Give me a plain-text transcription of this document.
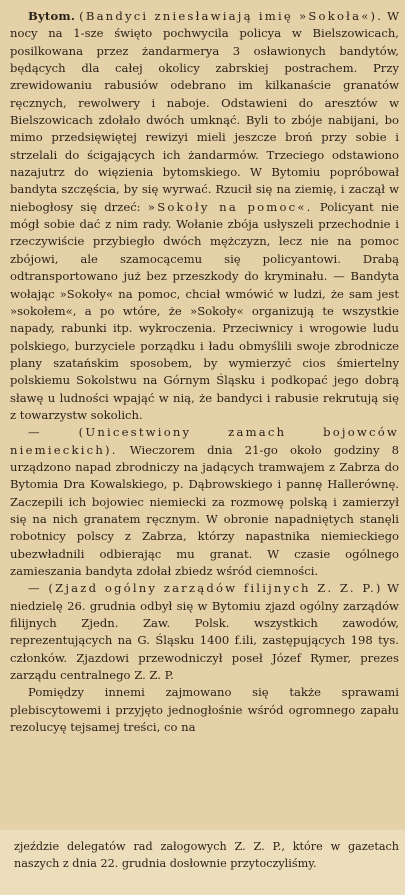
Bytom. (Bandyci zniesławiają imię »Sokoła«). W nocy na 1-sze święto pochwycila policya w Bielszowicach, posilkowana przez żandarmerya 3 osławionych bandytów, będących dla całej okolicy zabrskiej postrachem. Przy zrewidowaniu rabusiów odebrano im kilkanaście granatów ręcznych, rewolwery i naboje. Odstawieni do aresztów w Bielszowicach zdołało dwóch umknąć. Byli to zbóje nabijani, bo mimo przedsięwiętej rewizyi mieli jeszcze broń przy sobie i strzelali do ścigających ich żandarmów. Trzeciego odstawiono nazajutrz do więzienia bytomskiego. W Bytomiu popróbował bandyta szczęścia, by się wyrwać. Rzucił się na ziemię, i zaczął w niebogłosy się drzeć: »Sokoły na pomoc«. Policyant nie mógł sobie dać z nim rady. Wołanie zbója usłyszeli przechodnie i rzeczywiście przybiegło dwóch mężczyzn, lecz nie na pomoc zbójowi, ale szamocącemu się policyantowi. Drabą odtransportowano już bez przeszkody do kryminału. — Bandyta wołając »Sokoły« na pomoc, chciał wmówić w ludzi, że sam jest »sokołem«, a po wtóre, że »Sokoły« organizują te wszystkie napady, rabunki itp. wykroczenia. Przeciwnicy i wrogowie ludu polskiego, burzyciele porządku i ładu obmyślili swoje zbrodnicze plany szatańskim sposobem, by wymierzyć cios śmiertelny polskiemu Sokolstwu na Górnym Śląsku i podkopać jego dobrą sławę u ludności wpająć w nią, że bandyci i rabusie rekrutują się z towarzystw sokolich.

— (Unicestwiony zamach bojowców niemieckich). Wieczorem dnia 21-go około godziny 8 urządzono napad zbrodniczy na jadących tramwajem z Zabrza do Bytomia Dra Kowalskiego, p. Dąbrowskiego i pannę Hallerównę. Zaczepili ich bojowiec niemiecki za rozmowę polską i zamierzył się na nich granatem ręcznym. W obronie napadniętych stanęli robotnicy polscy z Zabrza, którzy napastnika niemieckiego ubezwładnili odbierając mu granat. W czasie ogólnego zamieszania bandyta zdołał zbiedz wśród ciemności.

— (Zjazd ogólny zarządów filijnych Z. Z. P.) W niedzielę 26. grudnia odbył się w Bytomiu zjazd ogólny zarządów filijnych Zjedn. Zaw. Polsk. wszystkich zawodów, reprezentujących na G. Śląsku 1400 f.ili, zastępujących 198 tys. członków. Zjazdowi przewodniczył poseł Józef Rymer, prezes zarządu centralnego Z. Z. P.

Pomiędzy innemi zajmowano się także sprawami plebiscytowemi i przyjęto jednogłośnie wśród ogromnego zapału rezolucyę tejsamej treści, co na

zjeździe delegatów rad załogowych Z. Z. P., które w gazetach naszych z dnia 22. grudnia dosłownie przytoczyliśmy.
